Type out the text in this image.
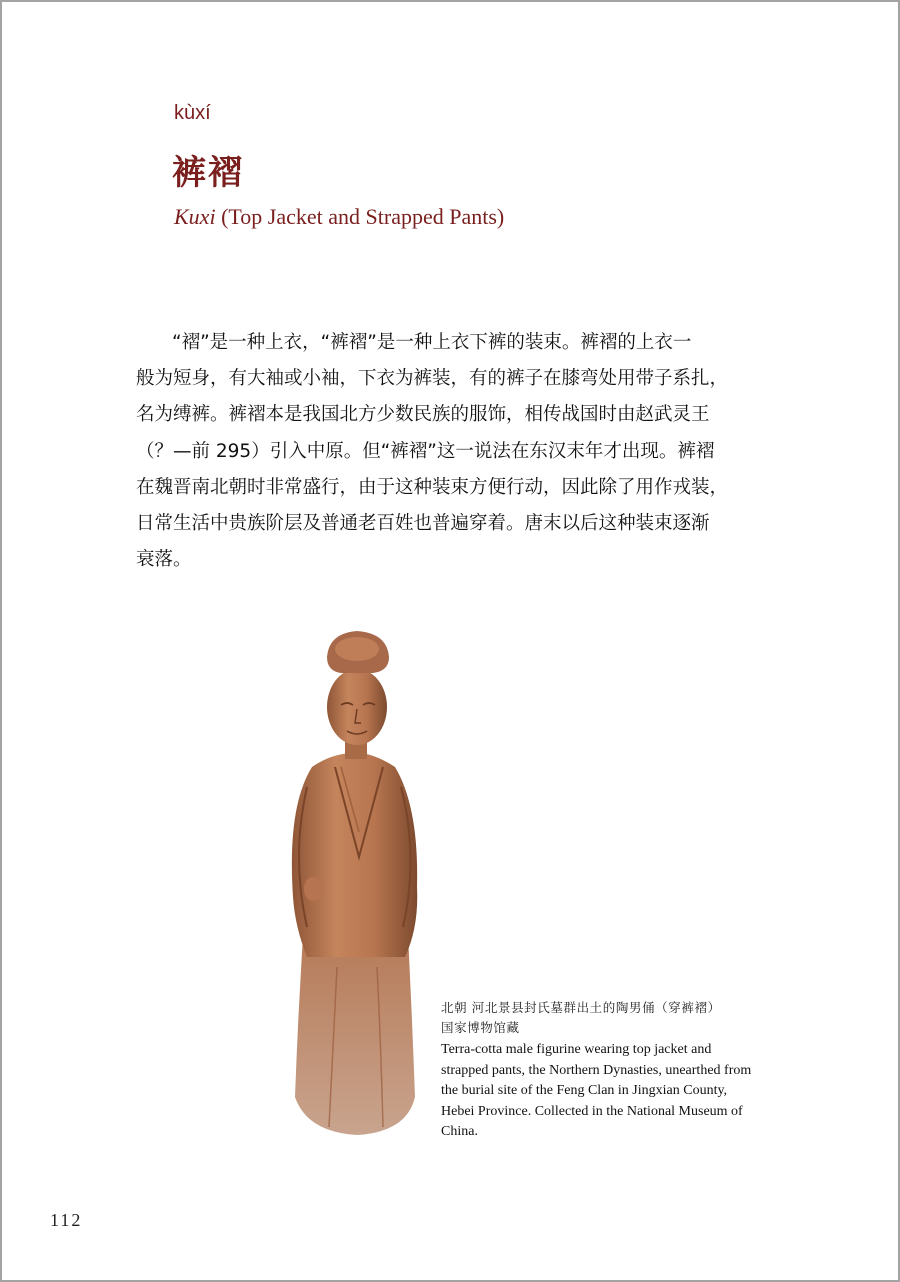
kùxí
裤褶
Kuxi (Top Jacket and Strapped Pants)
“褶”是一种上衣，“裤褶”是一种上衣下裤的装束。裤褶的上衣一
般为短身，有大袖或小袖，下衣为裤装，有的裤子在膝弯处用带子系扎，
名为缚裤。裤褶本是我国北方少数民族的服饰，相传战国时由赵武灵王
（？—前 295）引入中原。但“裤褶”这一说法在东汉末年才出现。裤褶
在魏晋南北朝时非常盛行，由于这种装束方便行动，因此除了用作戎装，
日常生活中贵族阶层及普通老百姓也普遍穿着。唐末以后这种装束逐渐
衰落。
北朝 河北景县封氏墓群出土的陶男俑（穿裤褶）
国家博物馆藏
Terra-cotta male figurine wearing top jacket and
strapped pants, the Northern Dynasties, unearthed from
the burial site of the Feng Clan in Jingxian County,
Hebei Province. Collected in the National Museum of
China.
112
